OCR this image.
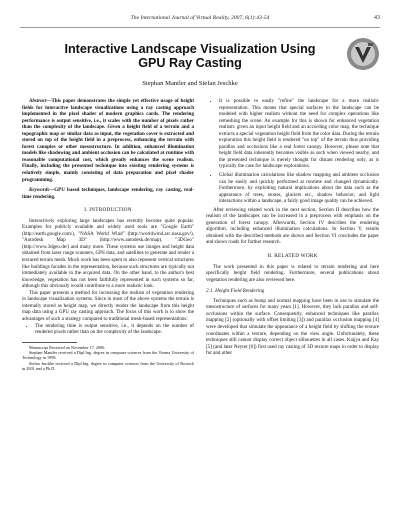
The International Journal of Virtual Reality, 2007, 6(1):43-54	43
Interactive Landscape Visualization Using
GPU Ray Casting
Stephan Mantler and Stefan Jeschke

Abstract—This paper demonstrates the simple yet effective usage of height fields for interactive landscape visualizations using a ray casting approach implemented in the pixel shader of modern graphics cards. The rendering performance is output sensitive, i.e., it scales with the number of pixels rather than the complexity of the landscape. Given a height field of a terrain and a topographic map or similar data as input, the vegetation cover is extracted and stored on top of the height field in a preprocess, enhancing the terrain with forest canopies or other mesostructure. In addition, enhanced illumination models like shadowing and ambient occlusion can be calculated at runtime with reasonable computational cost, which greatly enhances the scene realism. Finally, including the presented technique into existing rendering systems is relatively simple, mainly consisting of data preparation and pixel shader programming.

Keywords—GPU based techniques, landscape rendering, ray casting, real-time rendering.

I. INTRODUCTION

Interactively exploring large landscapes has recently become quite popular. Examples for publicly available and widely used tools are "Google Earth" (http://earth.google.com/), "NASA World Wind" (http://worldwind.arc.nasa.gov/), "Autodesk Map 3D" (http://www.autodesk.de/map), "3DGeo" (http://www.3dgeo.de/) and many more. These systems use images and height data obtained from laser range scanners, GPS data, and satellites to generate and render a textured terrain mesh. Much work has been spent to also represent vertical structures like buildings facades in the representation, because such structures are typically not immediately available in the acquired data. On the other hand, to the author's best knowledge, vegetation has not been faithfully represented in such systems so far, although this obviously would contribute to a more realistic look.

This paper presents a method for increasing the realism of vegetation rendering in landscape visualization systems. Since in most of the above systems the terrain is internally stored as height map, we directly render the landscape from this height map data using a GPU ray casting approach. The focus of this work is to show the advantages of such a strategy compared to traditional mesh-based representations:

• The rendering time is output sensitive, i.e., it depends on the number of rendered pixels rather than on the complexity of the landscape.

Manuscript Received on November 17, 2006.

Stephan Mantler received a Dipl.Ing. degree in computer sciences from the Vienna University of Technology in 1998.

Stefan Jeschke received a Dipl.Ing. degree in computer sciences from the University of Rostock in 2001 and a Ph.D.

• It is possible to easily "refine" the landscape for a more realistic representation. This means that special surfaces in the landscape can be modeled with higher realism without the need for complex operations like remeshing the scene. An example for this is shown for enhanced vegetation realism: given an input height field and an according color map, the technique extracts a special vegetation height field from the color data. During the terrain exploration this height field is rendered "on top" of the terrain thus providing parallax and occlusions like a real forest canopy. However, please note that height field data inherently becomes visible as such when viewed nearby, and the presented technique is merely thought for distant rendering only, as is typically the case for landscape explorations.
• Global illumination calculations like shadow mapping and ambient occlusion can be easily and quickly performed at runtime and changed dynamically. Furthermore, by exploiting natural implications about the data such as the appearance of trees, stones, glaciers etc., shadow behavior, and light interactions within a landscape, a fairly good image quality can be achieved.

After reviewing related work in the next section, Section II describes how the realism of the landscapes can be increased in a preprocess with emphasis on the generation of forest canopy. Afterwards, Section IV describes the rendering algorithm, including enhanced illumination calculations. In Section V, results obtained with the described methods are shown and Section VI concludes the paper and shows roads for further research.

II. RELATED WORK

The work presented in this paper is related to terrain rendering and here specifically height field rendering. Furthermore, several publications about vegetation rendering are also reviewed here.

2.1. Height Field Rendering

Techniques such as bump and normal mapping have been in use to simulate the mesostructure of surfaces for many years [1]. However, they lack parallax and self-occlusions within the surface. Consequently, enhanced techniques like parallax mapping [2] (optionally with offset limiting [3]) and parallax occlusion mapping [4] were developed that simulate the appearance of a height field by shifting the texture coordinates within a texture, depending on the view angle. Unfortunately, these techniques still cannot display correct object silhouettes in all cases. Kaijya and Kay [5] (and later Neyret [6]) first used ray casting of 3D texture maps in order to display fur and other
